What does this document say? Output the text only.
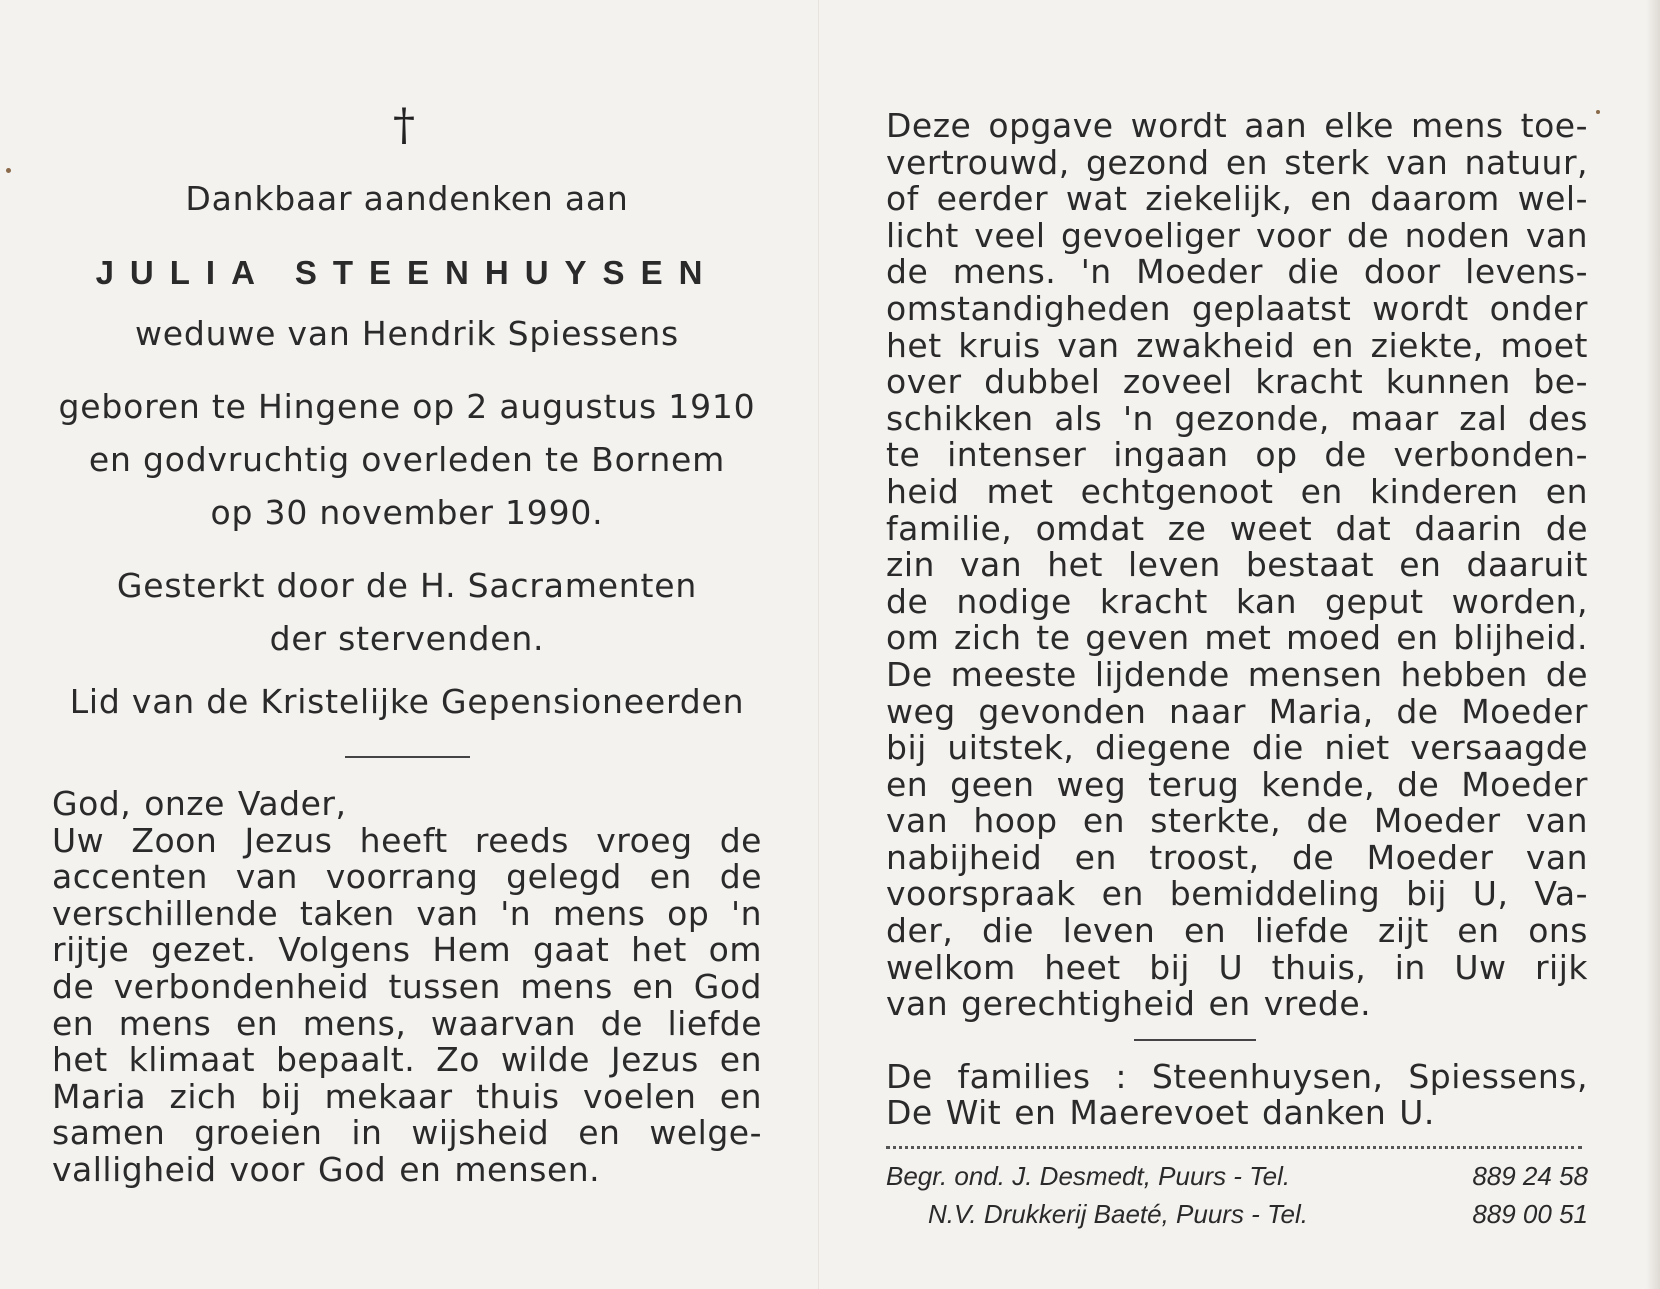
†
Dankbaar aandenken aan
JULIA STEENHUYSEN
weduwe van Hendrik Spiessens
geboren te Hingene op 2 augustus 1910
en godvruchtig overleden te Bornem
op 30 november 1990.
Gesterkt door de H. Sacramenten
der stervenden.
Lid van de Kristelijke Gepensioneerden
God, onze Vader,
Uw Zoon Jezus heeft reeds vroeg de
accenten van voorrang gelegd en de
verschillende taken van 'n mens op 'n
rijtje gezet. Volgens Hem gaat het om
de verbondenheid tussen mens en God
en mens en mens, waarvan de liefde
het klimaat bepaalt. Zo wilde Jezus en
Maria zich bij mekaar thuis voelen en
samen groeien in wijsheid en welge-
valligheid voor God en mensen.
Deze opgave wordt aan elke mens toe-
vertrouwd, gezond en sterk van natuur,
of eerder wat ziekelijk, en daarom wel-
licht veel gevoeliger voor de noden van
de mens. 'n Moeder die door levens-
omstandigheden geplaatst wordt onder
het kruis van zwakheid en ziekte, moet
over dubbel zoveel kracht kunnen be-
schikken als 'n gezonde, maar zal des
te intenser ingaan op de verbonden-
heid met echtgenoot en kinderen en
familie, omdat ze weet dat daarin de
zin van het leven bestaat en daaruit
de nodige kracht kan geput worden,
om zich te geven met moed en blijheid.
De meeste lijdende mensen hebben de
weg gevonden naar Maria, de Moeder
bij uitstek, diegene die niet versaagde
en geen weg terug kende, de Moeder
van hoop en sterkte, de Moeder van
nabijheid en troost, de Moeder van
voorspraak en bemiddeling bij U, Va-
der, die leven en liefde zijt en ons
welkom heet bij U thuis, in Uw rijk
van gerechtigheid en vrede.
De families : Steenhuysen, Spiessens,
De Wit en Maerevoet danken U.
Begr. ond. J. Desmedt, Puurs - Tel.	889 24 58
N.V. Drukkerij Baeté, Puurs - Tel.	889 00 51
